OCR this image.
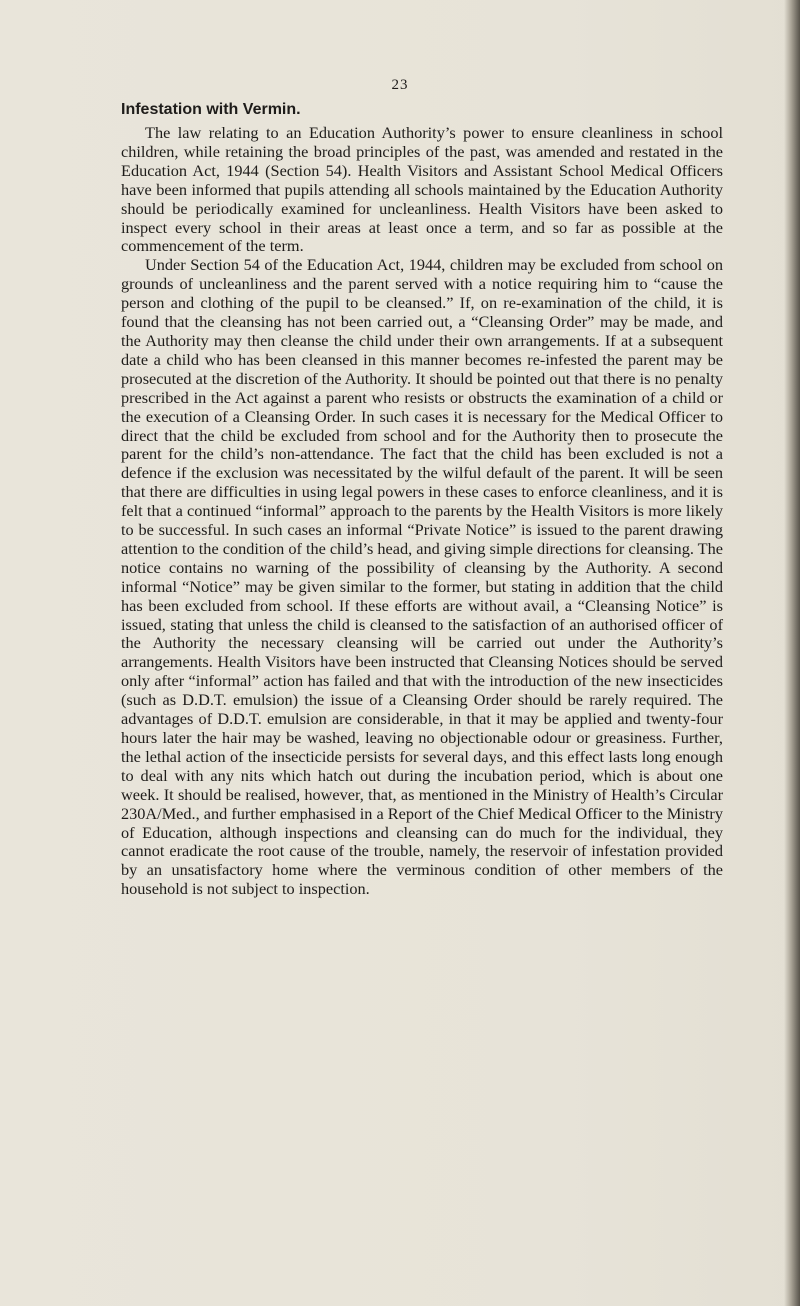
23
Infestation with Vermin.

The law relating to an Education Authority’s power to ensure cleanliness in school children, while retaining the broad principles of the past, was amended and restated in the Education Act, 1944 (Section 54). Health Visitors and Assistant School Medical Officers have been informed that pupils attending all schools maintained by the Education Authority should be periodically examined for uncleanliness. Health Visitors have been asked to inspect every school in their areas at least once a term, and so far as possible at the commencement of the term.

Under Section 54 of the Education Act, 1944, children may be excluded from school on grounds of uncleanliness and the parent served with a notice requiring him to “cause the person and clothing of the pupil to be cleansed.” If, on re-examination of the child, it is found that the cleansing has not been carried out, a “Cleansing Order” may be made, and the Authority may then cleanse the child under their own arrangements. If at a subsequent date a child who has been cleansed in this manner becomes re-infested the parent may be prosecuted at the discretion of the Authority. It should be pointed out that there is no penalty prescribed in the Act against a parent who resists or obstructs the examination of a child or the execution of a Cleansing Order. In such cases it is necessary for the Medical Officer to direct that the child be excluded from school and for the Authority then to prosecute the parent for the child’s non-attendance. The fact that the child has been excluded is not a defence if the exclusion was necessitated by the wilful default of the parent. It will be seen that there are difficulties in using legal powers in these cases to enforce cleanliness, and it is felt that a continued “informal” approach to the parents by the Health Visitors is more likely to be successful. In such cases an informal “Private Notice” is issued to the parent drawing attention to the condition of the child’s head, and giving simple directions for cleansing. The notice contains no warning of the possibility of cleansing by the Authority. A second informal “Notice” may be given similar to the former, but stating in addition that the child has been excluded from school. If these efforts are without avail, a “Cleansing Notice” is issued, stating that unless the child is cleansed to the satisfaction of an authorised officer of the Authority the necessary cleansing will be carried out under the Authority’s arrangements. Health Visitors have been instructed that Cleansing Notices should be served only after “informal” action has failed and that with the introduction of the new insecticides (such as D.D.T. emulsion) the issue of a Cleansing Order should be rarely required. The advantages of D.D.T. emulsion are considerable, in that it may be applied and twenty-four hours later the hair may be washed, leaving no objectionable odour or greasiness. Further, the lethal action of the insecticide persists for several days, and this effect lasts long enough to deal with any nits which hatch out during the incubation period, which is about one week. It should be realised, however, that, as mentioned in the Ministry of Health’s Circular 230A/Med., and further emphasised in a Report of the Chief Medical Officer to the Ministry of Education, although inspections and cleansing can do much for the individual, they cannot eradicate the root cause of the trouble, namely, the reservoir of infestation provided by an unsatisfactory home where the verminous condition of other members of the household is not subject to inspection.
